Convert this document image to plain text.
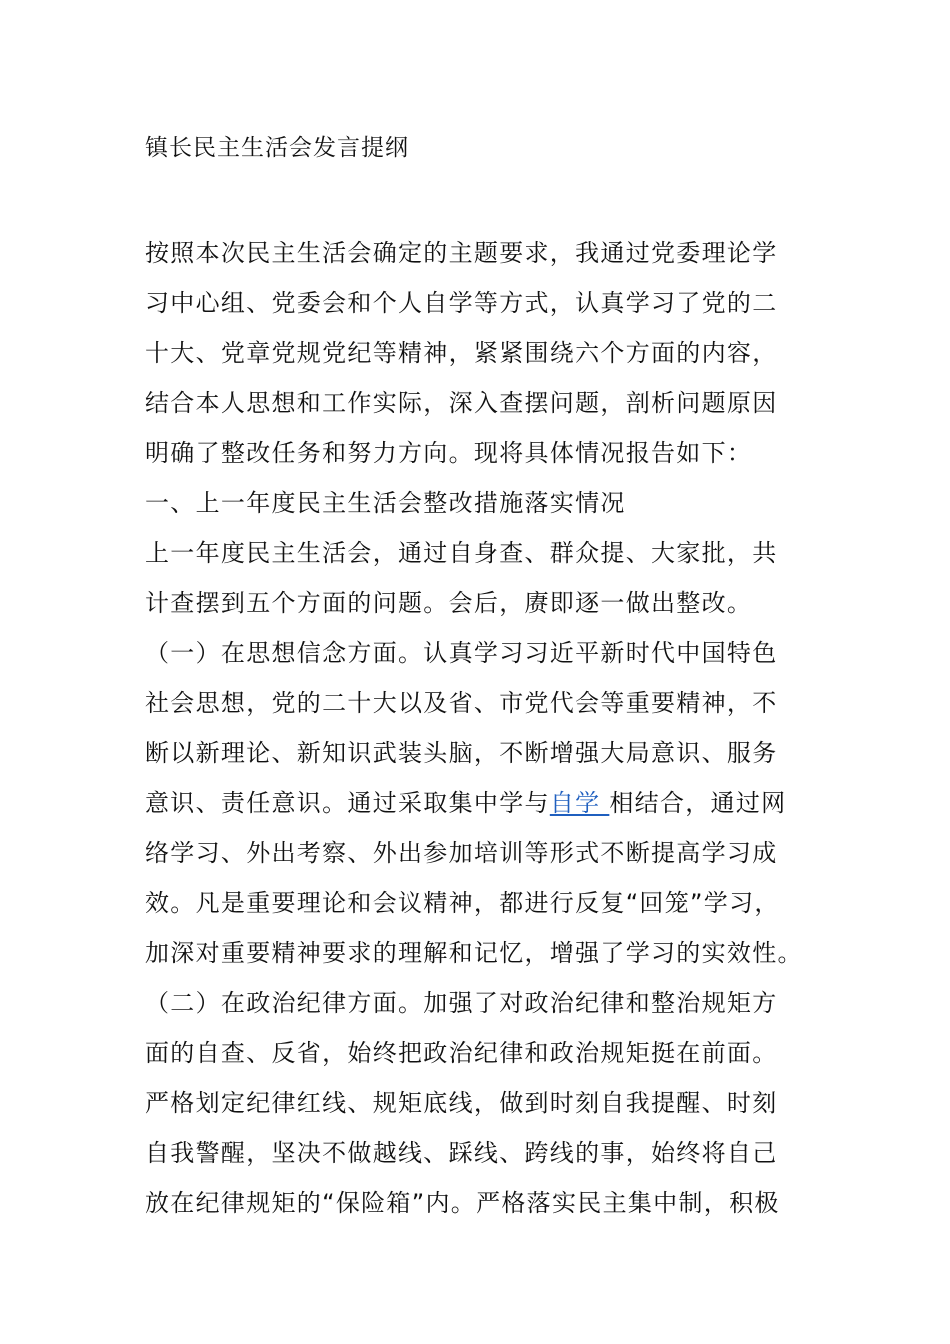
镇长民主生活会发言提纲
按照本次民主生活会确定的主题要求，我通过党委理论学
习中心组、党委会和个人自学等方式，认真学习了党的二
十大、党章党规党纪等精神，紧紧围绕六个方面的内容，
结合本人思想和工作实际，深入查摆问题，剖析问题原因
明确了整改任务和努力方向。现将具体情况报告如下：
一、上一年度民主生活会整改措施落实情况
上一年度民主生活会，通过自身查、群众提、大家批，共
计查摆到五个方面的问题。会后，赓即逐一做出整改。
（一）在思想信念方面。认真学习习近平新时代中国特色
社会思想，党的二十大以及省、市党代会等重要精神，不
断以新理论、新知识武装头脑，不断增强大局意识、服务
意识、责任意识。通过采取集中学与自学 相结合，通过网
络学习、外出考察、外出参加培训等形式不断提高学习成
效。凡是重要理论和会议精神，都进行反复“回笼”学习，
加深对重要精神要求的理解和记忆，增强了学习的实效性。
（二）在政治纪律方面。加强了对政治纪律和整治规矩方
面的自查、反省，始终把政治纪律和政治规矩挺在前面。
严格划定纪律红线、规矩底线，做到时刻自我提醒、时刻
自我警醒，坚决不做越线、踩线、跨线的事，始终将自己
放在纪律规矩的“保险箱”内。严格落实民主集中制，积极
